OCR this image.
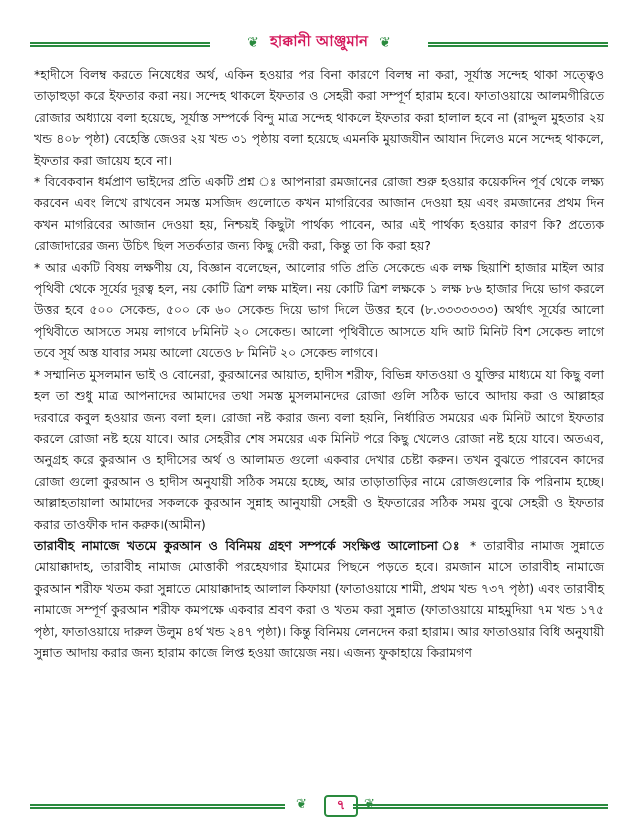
❦ হাক্কানী আঞ্জুমান ❦

*হাদীসে বিলম্ব করতে নিষেধের অর্থ, একিন হওয়ার পর বিনা কারণে বিলম্ব না করা, সূর্যাস্ত সন্দেহ থাকা সত্ত্বেও তাড়াহুড়া করে ইফতার করা নয়। সন্দেহ থাকলে ইফতার ও সেহরী করা সম্পূর্ণ হারাম হবে। ফাতাওয়ায়ে আলমগীরিতে রোজার অধ্যায়ে বলা হয়েছে, সূর্যাস্ত সম্পর্কে বিন্দু মাত্র সন্দেহ থাকলে ইফতার করা হালাল হবে না (রাদ্দুল মুহতার ২য় খন্ড ৪০৮ পৃষ্ঠা) বেহেস্তি জেওর ২য় খন্ড ৩১ পৃষ্ঠায় বলা হয়েছে এমনকি মুয়াজযীন আযান দিলেও মনে সন্দেহ থাকলে, ইফতার করা জায়েয হবে না।

* বিবেকবান ধর্মপ্রাণ ভাইদের প্রতি একটি প্রশ্ন ঃ আপনারা রমজানের রোজা শুরু হওয়ার কয়েকদিন পূর্ব থেকে লক্ষ্য করবেন এবং লিখে রাখবেন সমস্ত মসজিদ গুলোতে কখন মাগরিবের আজান দেওয়া হয় এবং রমজানের প্রথম দিন কখন মাগরিবের আজান দেওয়া হয়, নিশ্চয়ই কিছুটা পার্থক্য পাবেন, আর এই পার্থক্য হওয়ার কারণ কি? প্রত্যেক রোজাদারের জন্য উচিৎ ছিল সতর্কতার জন্য কিছু দেরী করা, কিন্তু তা কি করা হয়?

* আর একটি বিষয় লক্ষণীয় যে, বিজ্ঞান বলেছেন, আলোর গতি প্রতি সেকেন্ডে এক লক্ষ ছিয়াশি হাজার মাইল আর পৃথিবী থেকে সূর্যের দূরত্ব হল, নয় কোটি ত্রিশ লক্ষ মাইল। নয় কোটি ত্রিশ লক্ষকে ১ লক্ষ ৮৬ হাজার দিয়ে ভাগ করলে উত্তর হবে ৫০০ সেকেন্ড, ৫০০ কে ৬০ সেকেন্ড দিয়ে ভাগ দিলে উত্তর হবে (৮.৩৩৩৩৩৩৩) অর্থাৎ সূর্যের আলো পৃথিবীতে আসতে সময় লাগবে ৮মিনিট ২০ সেকেন্ড। আলো পৃথিবীতে আসতে যদি আট মিনিট বিশ সেকেন্ড লাগে তবে সূর্য অস্ত যাবার সময় আলো যেতেও ৮ মিনিট ২০ সেকেন্ড লাগবে।

* সম্মানিত মুসলমান ভাই ও বোনেরা, কুরআনের আয়াত, হাদীস শরীফ, বিভিন্ন ফাতওয়া ও যুক্তির মাধ্যমে যা কিছু বলা হল তা শুধু মাত্র আপনাদের আমাদের তথা সমস্ত মুসলমানদের রোজা গুলি সঠিক ভাবে আদায় করা ও আল্লাহর দরবারে কবুল হওয়ার জন্য বলা হল। রোজা নষ্ট করার জন্য বলা হয়নি, নির্ধারিত সময়ের এক মিনিট আগে ইফতার করলে রোজা নষ্ট হয়ে যাবে। আর সেহরীর শেষ সময়ের এক মিনিট পরে কিছু খেলেও রোজা নষ্ট হয়ে যাবে। অতএব, অনুগ্রহ করে কুরআন ও হাদীসের অর্থ ও আলামত গুলো একবার দেখার চেষ্টা করুন। তখন বুঝতে পারবেন কাদের রোজা গুলো কুরআন ও হাদীস অনুযায়ী সঠিক সময়ে হচ্ছে, আর তাড়াতাড়ির নামে রোজগুলোর কি পরিনাম হচ্ছে। আল্লাহতায়ালা আমাদের সকলকে কুরআন সুন্নাহ আনুযায়ী সেহরী ও ইফতারের সঠিক সময় বুঝে সেহরী ও ইফতার করার তাওফীক দান করুক।(আমীন)

তারাবীহ নামাজে খতমে কুরআন ও বিনিময় গ্রহণ সম্পর্কে সংক্ষিপ্ত আলোচনা ঃ * তারাবীর নামাজ সুন্নাতে মোয়াক্কাদাহ, তারাবীহ নামাজ মোত্তাকী পরহেযগার ইমামের পিছনে পড়তে হবে। রমজান মাসে তারাবীহ নামাজে কুরআন শরীফ খতম করা সুন্নাতে মোয়াক্কাদাহ আলাল কিফায়া (ফাতাওয়ায়ে শামী, প্রথম খন্ড ৭৩৭ পৃষ্ঠা) এবং তারাবীহ নামাজে সম্পূর্ণ কুরআন শরীফ কমপক্ষে একবার শ্রবণ করা ও খতম করা সুন্নাত (ফাতাওয়ায়ে মাহমুদিয়া ৭ম খন্ড ১৭৫ পৃষ্ঠা, ফাতাওয়ায়ে দারুল উলুম ৪র্থ খন্ড ২৪৭ পৃষ্ঠা)। কিন্তু বিনিময় লেনদেন করা হারাম। আর ফাতাওয়ার বিধি অনুযায়ী সুন্নাত আদায় করার জন্য হারাম কাজে লিপ্ত হওয়া জায়েজ নয়। এজন্য ফুকাহায়ে কিরামগণ

❦	৭	❦
